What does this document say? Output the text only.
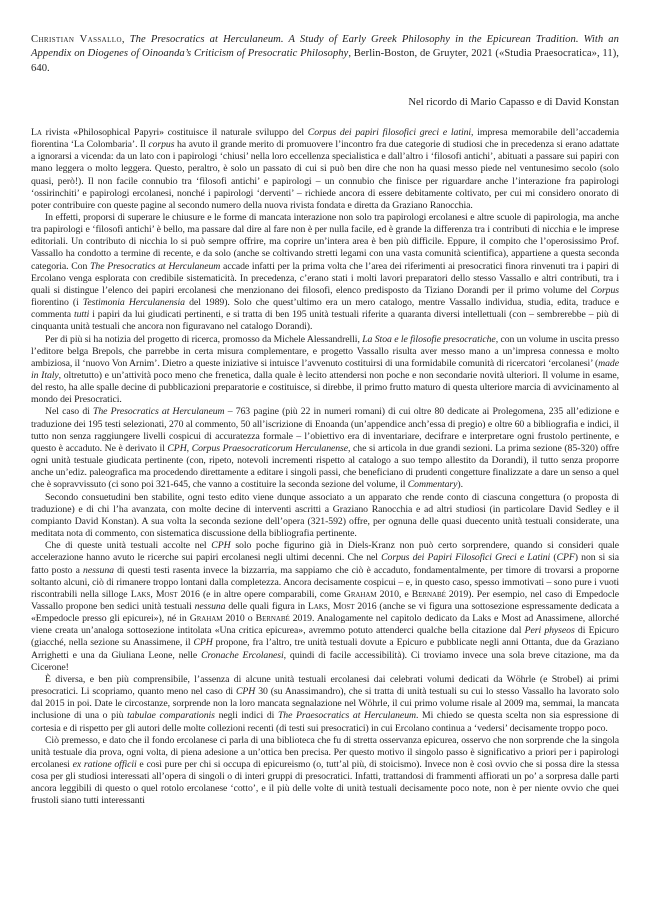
Christian Vassallo, The Presocratics at Herculaneum. A Study of Early Greek Philosophy in the Epicurean Tradition. With an Appendix on Diogenes of Oinoanda’s Criticism of Presocratic Philosophy, Berlin-Boston, de Gruyter, 2021 («Studia Praesocratica», 11), 640.
Nel ricordo di Mario Capasso e di David Konstan

La rivista «Philosophical Papyri» costituisce il naturale sviluppo del Corpus dei papiri filosofici greci e latini, impresa memorabile dell’accademia fiorentina ‘La Colombaria’. Il corpus ha avuto il grande merito di promuovere l’incontro fra due categorie di studiosi che in precedenza si erano adattate a ignorarsi a vicenda: da un lato con i papirologi ‘chiusi’ nella loro eccellenza specialistica e dall’altro i ‘filosofi antichi’, abituati a passare sui papiri con mano leggera o molto leggera. Questo, peraltro, è solo un passato di cui si può ben dire che non ha quasi messo piede nel ventunesimo secolo (solo quasi, però!). Il non facile connubio tra ‘filosofi antichi’ e papirologi – un connubio che finisce per riguardare anche l’interazione fra papirologi ‘ossirinchiti’ e papirologi ercolanesi, nonché i papirologi ‘derventi’ – richiede ancora di essere debitamente coltivato, per cui mi considero onorato di poter contribuire con queste pagine al secondo numero della nuova rivista fondata e diretta da Graziano Ranocchia.

In effetti, proporsi di superare le chiusure e le forme di mancata interazione non solo tra papirologi ercolanesi e altre scuole di papirologia, ma anche tra papirologi e ‘filosofi antichi’ è bello, ma passare dal dire al fare non è per nulla facile, ed è grande la differenza tra i contributi di nicchia e le imprese editoriali. Un contributo di nicchia lo si può sempre offrire, ma coprire un’intera area è ben più difficile. Eppure, il compito che l’operosissimo Prof. Vassallo ha condotto a termine di recente, e da solo (anche se coltivando stretti legami con una vasta comunità scientifica), appartiene a questa seconda categoria. Con The Presocratics at Herculaneum accade infatti per la prima volta che l’area dei riferimenti ai presocratici finora rinvenuti tra i papiri di Ercolano venga esplorata con credibile sistematicità. In precedenza, c’erano stati i molti lavori preparatori dello stesso Vassallo e altri contributi, tra i quali si distingue l’elenco dei papiri ercolanesi che menzionano dei filosofi, elenco predisposto da Tiziano Dorandi per il primo volume del Corpus fiorentino (i Testimonia Herculanensia del 1989). Solo che quest’ultimo era un mero catalogo, mentre Vassallo individua, studia, edita, traduce e commenta tutti i papiri da lui giudicati pertinenti, e si tratta di ben 195 unità testuali riferite a quaranta diversi intellettuali (con – sembrerebbe – più di cinquanta unità testuali che ancora non figuravano nel catalogo Dorandi).

Per di più si ha notizia del progetto di ricerca, promosso da Michele Alessandrelli, La Stoa e le filosofie presocratiche, con un volume in uscita presso l’editore belga Brepols, che parrebbe in certa misura complementare, e progetto Vassallo risulta aver messo mano a un’impresa connessa e molto ambiziosa, il ‘nuovo Von Arnim’. Dietro a queste iniziative si intuisce l’avvenuto costituirsi di una formidabile comunità di ricercatori ‘ercolanesi’ (made in Italy, oltretutto) e un’attività poco meno che frenetica, dalla quale è lecito attendersi non poche e non secondarie novità ulteriori. Il volume in esame, del resto, ha alle spalle decine di pubblicazioni preparatorie e costituisce, si direbbe, il primo frutto maturo di questa ulteriore marcia di avvicinamento al mondo dei Presocratici.

Nel caso di The Presocratics at Herculaneum – 763 pagine (più 22 in numeri romani) di cui oltre 80 dedicate ai Prolegomena, 235 all’edizione e traduzione dei 195 testi selezionati, 270 al commento, 50 all’iscrizione di Enoanda (un’appendice anch’essa di pregio) e oltre 60 a bibliografia e indici, il tutto non senza raggiungere livelli cospicui di accuratezza formale – l’obiettivo era di inventariare, decifrare e interpretare ogni frustolo pertinente, e questo è accaduto. Ne è derivato il CPH, Corpus Praesocraticorum Herculanense, che si articola in due grandi sezioni. La prima sezione (85-320) offre ogni unità testuale giudicata pertinente (con, ripeto, notevoli incrementi rispetto al catalogo a suo tempo allestito da Dorandi), il tutto senza proporre anche un’ediz. paleografica ma procedendo direttamente a editare i singoli passi, che beneficiano di prudenti congetture finalizzate a dare un senso a quel che è sopravvissuto (ci sono poi 321-645, che vanno a costituire la seconda sezione del volume, il Commentary).

Secondo consuetudini ben stabilite, ogni testo edito viene dunque associato a un apparato che rende conto di ciascuna congettura (o proposta di traduzione) e di chi l’ha avanzata, con molte decine di interventi ascritti a Graziano Ranocchia e ad altri studiosi (in particolare David Sedley e il compianto David Konstan). A sua volta la seconda sezione dell’opera (321-592) offre, per ognuna delle quasi duecento unità testuali considerate, una meditata nota di commento, con sistematica discussione della bibliografia pertinente.

Che di queste unità testuali accolte nel CPH solo poche figurino già in Diels-Kranz non può certo sorprendere, quando si consideri quale accelerazione hanno avuto le ricerche sui papiri ercolanesi negli ultimi decenni. Che nel Corpus dei Papiri Filosofici Greci e Latini (CPF) non si sia fatto posto a nessuna di questi testi rasenta invece la bizzarria, ma sappiamo che ciò è accaduto, fondamentalmente, per timore di trovarsi a proporne soltanto alcuni, ciò di rimanere troppo lontani dalla completezza. Ancora decisamente cospicui – e, in questo caso, spesso immotivati – sono pure i vuoti riscontrabili nella silloge Laks, Most 2016 (e in altre opere comparabili, come Graham 2010, e Bernabé 2019). Per esempio, nel caso di Empedocle Vassallo propone ben sedici unità testuali nessuna delle quali figura in Laks, Most 2016 (anche se vi figura una sottosezione espressamente dedicata a «Empedocle presso gli epicurei»), né in Graham 2010 o Bernabé 2019. Analogamente nel capitolo dedicato da Laks e Most ad Anassimene, allorché viene creata un’analoga sottosezione intitolata «Una critica epicurea», avremmo potuto attenderci qualche bella citazione dal Peri physeos di Epicuro (giacché, nella sezione su Anassimene, il CPH propone, fra l’altro, tre unità testuali dovute a Epicuro e pubblicate negli anni Ottanta, due da Graziano Arrighetti e una da Giuliana Leone, nelle Cronache Ercolanesi, quindi di facile accessibilità). Ci troviamo invece una sola breve citazione, ma da Cicerone!

È diversa, e ben più comprensibile, l’assenza di alcune unità testuali ercolanesi dai celebrati volumi dedicati da Wöhrle (e Strobel) ai primi presocratici. Li scopriamo, quanto meno nel caso di CPH 30 (su Anassimandro), che si tratta di unità testuali su cui lo stesso Vassallo ha lavorato solo dal 2015 in poi. Date le circostanze, sorprende non la loro mancata segnalazione nel Wöhrle, il cui primo volume risale al 2009 ma, semmai, la mancata inclusione di una o più tabulae comparationis negli indici di The Praesocratics at Herculaneum. Mi chiedo se questa scelta non sia espressione di cortesia e di rispetto per gli autori delle molte collezioni recenti (di testi sui presocratici) in cui Ercolano continua a ‘vedersi’ decisamente troppo poco.

Ciò premesso, e dato che il fondo ercolanese ci parla di una biblioteca che fu di stretta osservanza epicurea, osservo che non sorprende che la singola unità testuale dia prova, ogni volta, di piena adesione a un’ottica ben precisa. Per questo motivo il singolo passo è significativo a priori per i papirologi ercolanesi ex ratione officii e così pure per chi si occupa di epicureismo (o, tutt’al più, di stoicismo). Invece non è così ovvio che si possa dire la stessa cosa per gli studiosi interessati all’opera di singoli o di interi gruppi di presocratici. Infatti, trattandosi di frammenti affiorati un po’ a sorpresa dalle parti ancora leggibili di questo o quel rotolo ercolanese ‘cotto’, e il più delle volte di unità testuali decisamente poco note, non è per niente ovvio che quei frustoli siano tutti interessanti
